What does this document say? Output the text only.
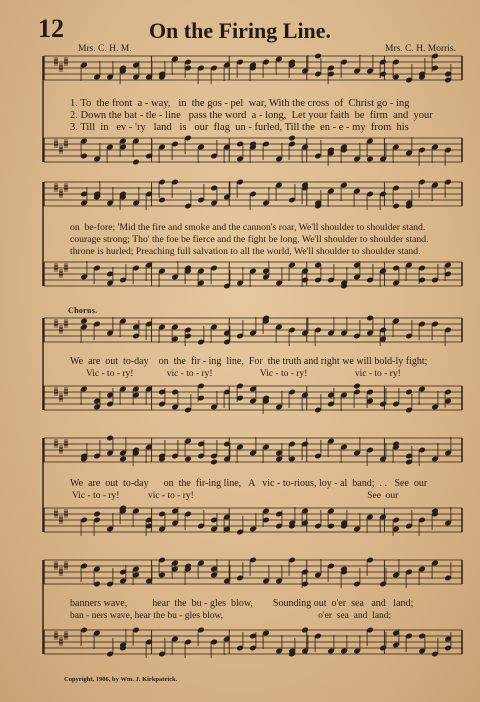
12	On the Firing Line.
Mrs. C. H. M.	Mrs. C. H. Morris.
1. To  the front  a - way,   in  the gos - pel  war, With the cross  of  Christ go - ing
2. Down the bat - tle - line   pass the word  a - long,  Let your faith  be  firm  and  your
3. Till  in   ev - 'ry   land   is   our  flag  un - furled, Till the  en - e - my  from  his
on  be-fore; 'Mid the fire and smoke and the cannon's roar, We'll shoulder to shoulder stand.
courage strong; Tho' the foe be fierce and the fight be long, We'll shoulder to shoulder stand.
throne is hurled; Preaching full salvation to all the world, We'll shoulder to shoulder stand.
Chorus.
We  are  out  to-day    on  the  fir - ing  line,  For  the truth and right we will bold-ly fight;
Vic - to - ry!              vic - to - ry!                    Vic - to - ry!                    vic - to - ry!
We  are  out  to-day      on  the  fir-ing line,   A   vic - to-rious, loy - al  band;  . .   See  our
Vic - to - ry!            vic - to - ry!                                                                         See  our
banners wave,          hear  the  bu - gles  blow,        Sounding out  o'er  sea   and   land;
ban - ners wave, hear the bu - gles blow,                                        o'er  sea  and  land;
Copyright, 1906, by Wm. J. Kirkpatrick.
